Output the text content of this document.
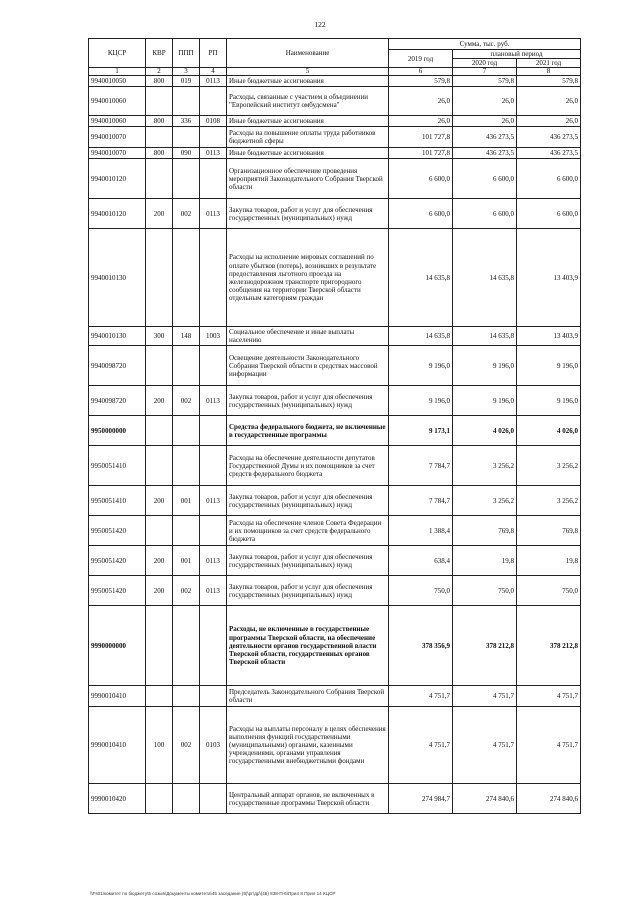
122
КЦСР	КВР	ППП	РП	Наименование	Сумма, тыс. руб.		
					2019 год	плановый период	
						2020 год	2021 год
1	2	3	4	5	6	7	8
9940010050	800	019	0113	Иные бюджетные ассигнования	579,8	579,8	579,8
9940010060				Расходы, связанные с участием в объединении "Европейский институт омбудсмена"	26,0	26,0	26,0
9940010060	800	336	0108	Иные бюджетные ассигнования	26,0	26,0	26,0
9940010070				Расходы на повышение оплаты труда работников бюджетной сферы	101 727,8	436 273,5	436 273,5
9940010070	800	090	0113	Иные бюджетные ассигнования	101 727,8	436 273,5	436 273,5
9940010120				Организационное обеспечение проведения мероприятий Законодательного Собрания Тверской области	6 600,0	6 600,0	6 600,0
9940010120	200	002	0113	Закупка товаров, работ и услуг для обеспечения государственных (муниципальных) нужд	6 600,0	6 600,0	6 600,0
9940010130				Расходы на исполнение мировых соглашений по оплате убытков (потерь), возникших в результате предоставления льготного проезда на железнодорожном транспорте пригородного сообщения на территории Тверской области отдельным категориям граждан	14 635,8	14 635,8	13 403,9
9940010130	300	148	1003	Социальное обеспечение и иные выплаты населению	14 635,8	14 635,8	13 403,9
9940098720				Освещение деятельности Законодательного Собрания Тверской области в средствах массовой информации	9 196,0	9 196,0	9 196,0
9940098720	200	002	0113	Закупка товаров, работ и услуг для обеспечения государственных (муниципальных) нужд	9 196,0	9 196,0	9 196,0
9950000000				Средства федерального бюджета, не включенные в государственные программы	9 173,1	4 026,0	4 026,0
9950051410				Расходы на обеспечение деятельности депутатов Государственной Думы и их помощников за счет средств федерального бюджета	7 784,7	3 256,2	3 256,2
9950051410	200	001	0113	Закупка товаров, работ и услуг для обеспечения государственных (муниципальных) нужд	7 784,7	3 256,2	3 256,2
9950051420				Расходы на обеспечение членов Совета Федерации и их помощников за счет средств федерального бюджета	1 388,4	769,8	769,8
9950051420	200	001	0113	Закупка товаров, работ и услуг для обеспечения государственных (муниципальных) нужд	638,4	19,8	19,8
9950051420	200	002	0113	Закупка товаров, работ и услуг для обеспечения государственных (муниципальных) нужд	750,0	750,0	750,0
9990000000				Расходы, не включенные в государственные программы Тверской области, на обеспечение деятельности органов государственной власти Тверской области, государственных органов Тверской области	378 356,9	378 212,8	378 212,8
9990010410				Председатель Законодательного Собрания Тверской области	4 751,7	4 751,7	4 751,7
9990010410	100	002	0103	Расходы на выплаты персоналу в целях обеспечения выполнения функций государственными (муниципальными) органами, казенными учреждениями, органами управления государственными внебюджетными фондами	4 751,7	4 751,7	4 751,7
9990010420				Центральный аппарат органов, не включенных в государственные программы Тверской области	274 984,7	274 840,6	274 840,6
\\Fs01\комитет по бюджету\5 созыв\Документы комитета\45 заседание (9)\рг\др\(45) 838-П-6\Прил 8 Прил 14 КЦСР
